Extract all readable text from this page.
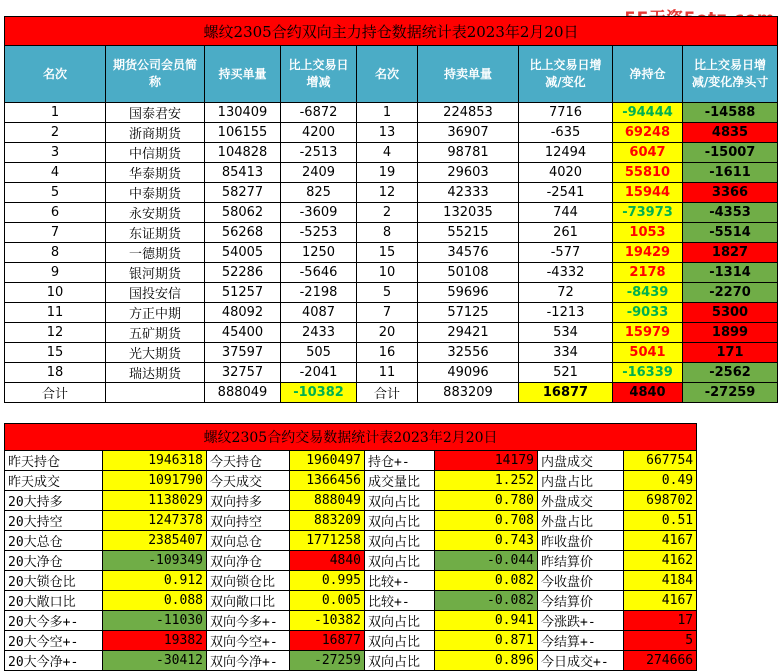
螺纹2305合约双向主力持仓数据统计表2023年2月20日								
名次	期货公司会员简称	持买单量	比上交易日增减	名次	持卖单量	比上交易日增减/变化	净持仓	比上交易日增减/变化净头寸
1	国泰君安	130409	-6872	1	224853	7716	-94444	-14588
2	浙商期货	106155	4200	13	36907	-635	69248	4835
3	中信期货	104828	-2513	4	98781	12494	6047	-15007
4	华泰期货	85413	2409	19	29603	4020	55810	-1611
5	中泰期货	58277	825	12	42333	-2541	15944	3366
6	永安期货	58062	-3609	2	132035	744	-73973	-4353
7	东证期货	56268	-5253	8	55215	261	1053	-5514
8	一德期货	54005	1250	15	34576	-577	19429	1827
9	银河期货	52286	-5646	10	50108	-4332	2178	-1314
10	国投安信	51257	-2198	5	59696	72	-8439	-2270
11	方正中期	48092	4087	7	57125	-1213	-9033	5300
12	五矿期货	45400	2433	20	29421	534	15979	1899
15	光大期货	37597	505	16	32556	334	5041	171
18	瑞达期货	32757	-2041	11	49096	521	-16339	-2562
合计		888049	-10382	合计	883209	16877	4840	-27259
螺纹2305合约交易数据统计表2023年2月20日							
昨天持仓	1946318	今天持仓	1960497	持仓+-	14179	内盘成交	667754
昨天成交	1091790	今天成交	1366456	成交量比	1.252	内盘占比	0.49
20大持多	1138029	双向持多	888049	双向占比	0.780	外盘成交	698702
20大持空	1247378	双向持空	883209	双向占比	0.708	外盘占比	0.51
20大总仓	2385407	双向总仓	1771258	双向占比	0.743	昨收盘价	4167
20大净仓	-109349	双向净仓	4840	双向占比	-0.044	昨结算价	4162
20大锁仓比	0.912	双向锁仓比	0.995	比较+-	0.082	今收盘价	4184
20大敞口比	0.088	双向敞口比	0.005	比较+-	-0.082	今结算价	4167
20大今多+-	-11030	双向今多+-	-10382	双向占比	0.941	今涨跌+-	17
20大今空+-	19382	双向今空+-	16877	双向占比	0.871	今结算+-	5
20大今净+-	-30412	双向今净+-	-27259	双向占比	0.896	今日成交+-	274666
